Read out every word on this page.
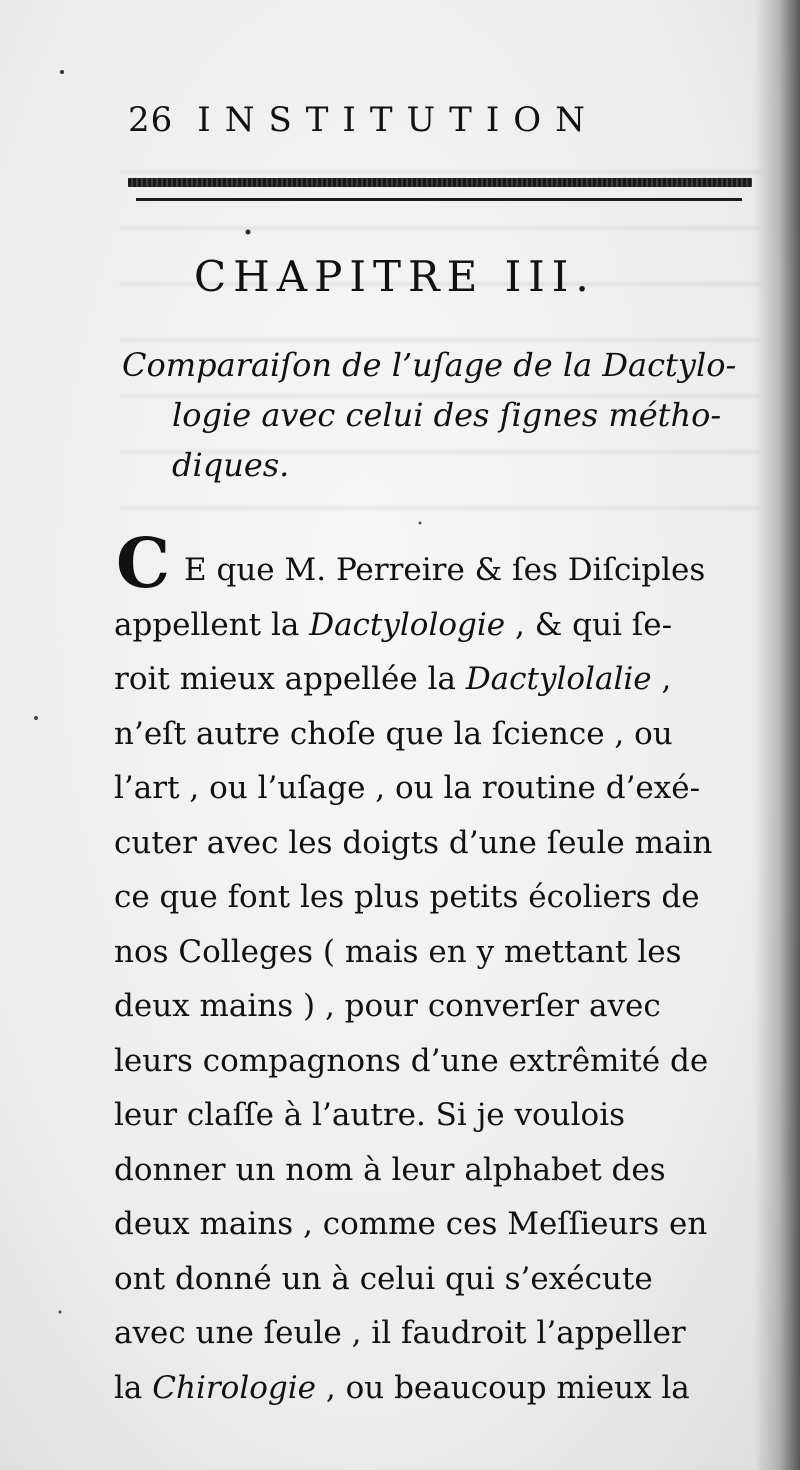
26 INSTITUTION
CHAPITRE III.
Comparaiſon de l’uſage de la Dactylo-
logie avec celui des ſignes métho-
diques.
C E que M. Perreire & ſes Diſciples
appellent la Dactylologie , & qui ſe-
roit mieux appellée la Dactylolalie ,
n’eſt autre choſe que la ſcience , ou
l’art , ou l’uſage , ou la routine d’exé-
cuter avec les doigts d’une ſeule main
ce que font les plus petits écoliers de
nos Colleges ( mais en y mettant les
deux mains ) , pour converſer avec
leurs compagnons d’une extrêmité de
leur claſſe à l’autre. Si je voulois
donner un nom à leur alphabet des
deux mains , comme ces Meſſieurs en
ont donné un à celui qui s’exécute
avec une ſeule , il faudroit l’appeller
la Chirologie , ou beaucoup mieux la
